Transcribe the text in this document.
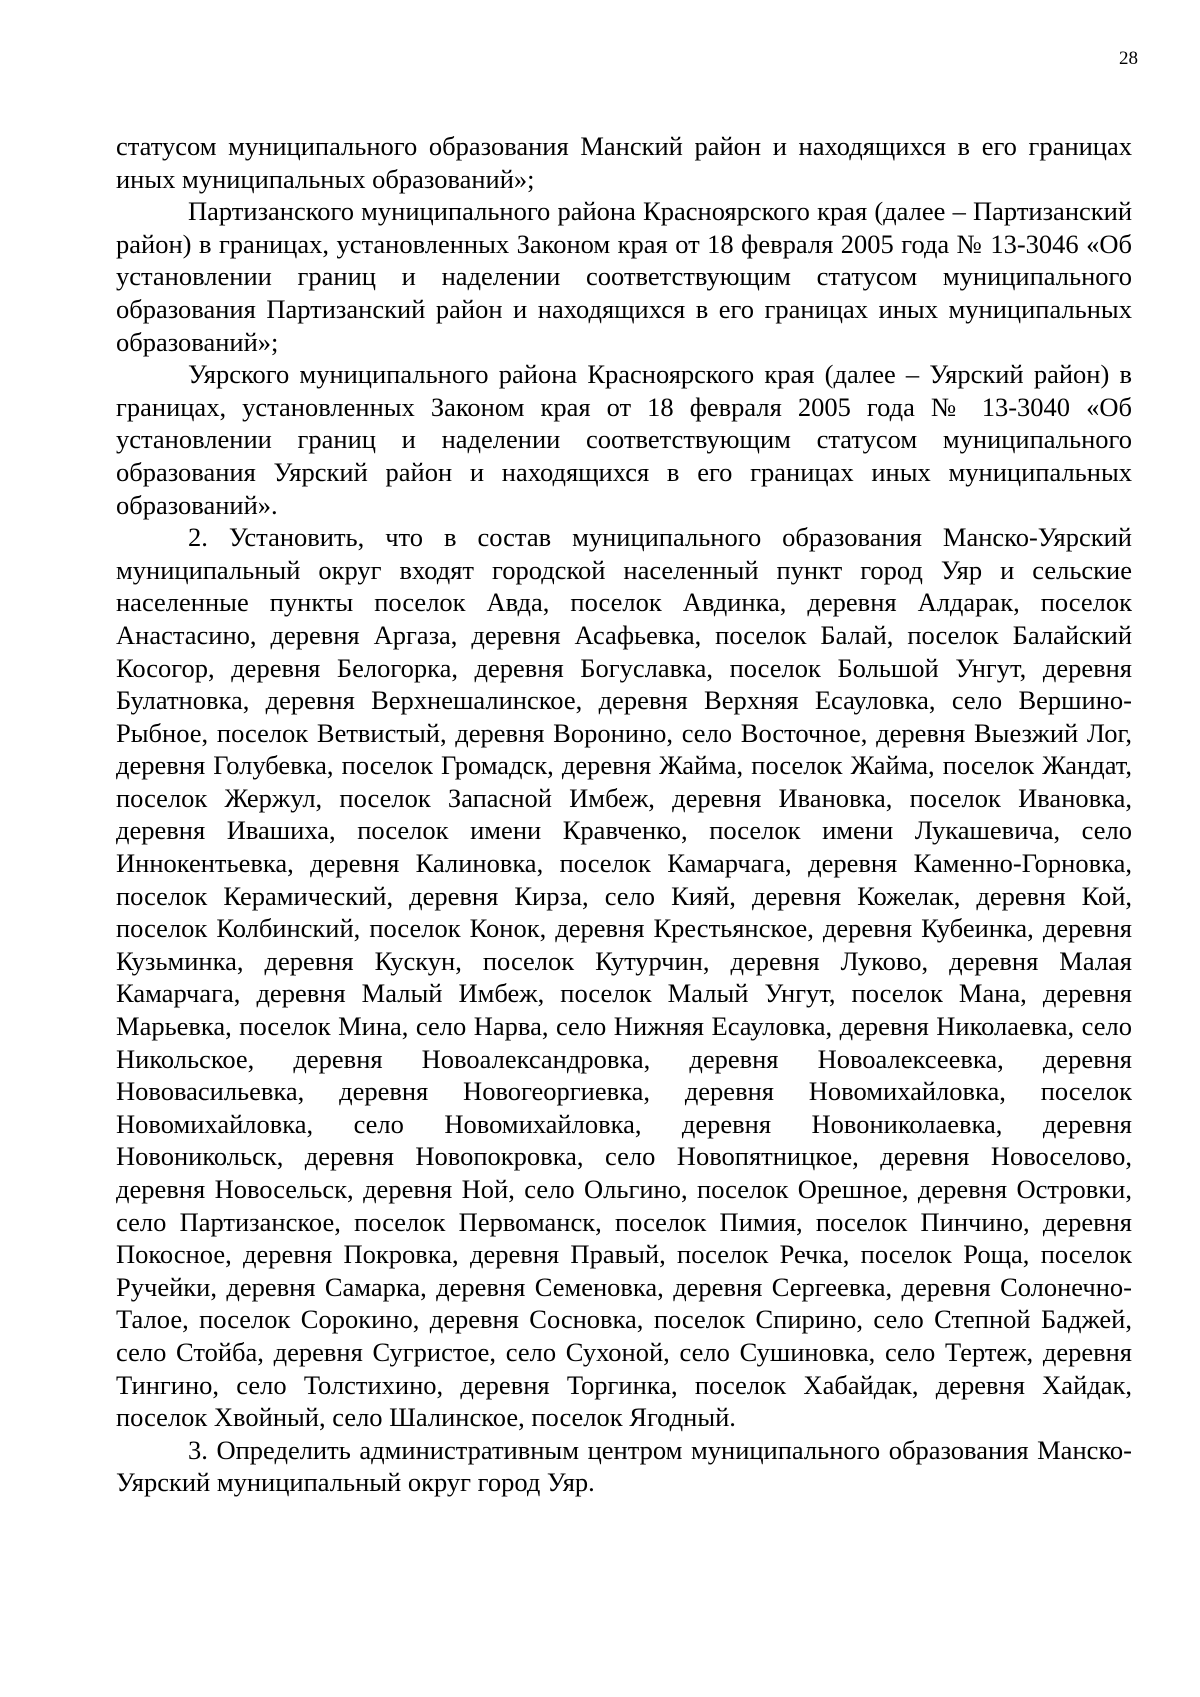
28

статусом муниципального образования Манский район и находящихся в его границах иных муниципальных образований»;

Партизанского муниципального района Красноярского края (далее – Партизанский район) в границах, установленных Законом края от 18 февраля 2005 года № 13-3046 «Об установлении границ и наделении соответствующим статусом муниципального образования Партизанский район и находящихся в его границах иных муниципальных образований»;

Уярского муниципального района Красноярского края (далее – Уярский район) в границах, установленных Законом края от 18 февраля 2005 года № 13-3040 «Об установлении границ и наделении соответствующим статусом муниципального образования Уярский район и находящихся в его границах иных муниципальных образований».

2. Установить, что в состав муниципального образования Манско-Уярский муниципальный округ входят городской населенный пункт город Уяр и сельские населенные пункты поселок Авда, поселок Авдинка, деревня Алдарак, поселок Анастасино, деревня Аргаза, деревня Асафьевка, поселок Балай, поселок Балайский Косогор, деревня Белогорка, деревня Богуславка, поселок Большой Унгут, деревня Булатновка, деревня Верхнешалинское, деревня Верхняя Есауловка, село Вершино-Рыбное, поселок Ветвистый, деревня Воронино, село Восточное, деревня Выезжий Лог, деревня Голубевка, поселок Громадск, деревня Жайма, поселок Жайма, поселок Жандат, поселок Жержул, поселок Запасной Имбеж, деревня Ивановка, поселок Ивановка, деревня Ивашиха, поселок имени Кравченко, поселок имени Лукашевича, село Иннокентьевка, деревня Калиновка, поселок Камарчага, деревня Каменно-Горновка, поселок Керамический, деревня Кирза, село Кияй, деревня Кожелак, деревня Кой, поселок Колбинский, поселок Конок, деревня Крестьянское, деревня Кубеинка, деревня Кузьминка, деревня Кускун, поселок Кутурчин, деревня Луково, деревня Малая Камарчага, деревня Малый Имбеж, поселок Малый Унгут, поселок Мана, деревня Марьевка, поселок Мина, село Нарва, село Нижняя Есауловка, деревня Николаевка, село Никольское, деревня Новоалександровка, деревня Новоалексеевка, деревня Нововасильевка, деревня Новогеоргиевка, деревня Новомихайловка, поселок Новомихайловка, село Новомихайловка, деревня Новониколаевка, деревня Новоникольск, деревня Новопокровка, село Новопятницкое, деревня Новоселово, деревня Новосельск, деревня Ной, село Ольгино, поселок Орешное, деревня Островки, село Партизанское, поселок Первоманск, поселок Пимия, поселок Пинчино, деревня Покосное, деревня Покровка, деревня Правый, поселок Речка, поселок Роща, поселок Ручейки, деревня Самарка, деревня Семеновка, деревня Сергеевка, деревня Солонечно-Талое, поселок Сорокино, деревня Сосновка, поселок Спирино, село Степной Баджей, село Стойба, деревня Сугристое, село Сухоной, село Сушиновка, село Тертеж, деревня Тингино, село Толстихино, деревня Торгинка, поселок Хабайдак, деревня Хайдак, поселок Хвойный, село Шалинское, поселок Ягодный.

3. Определить административным центром муниципального образования Манско-Уярский муниципальный округ город Уяр.
